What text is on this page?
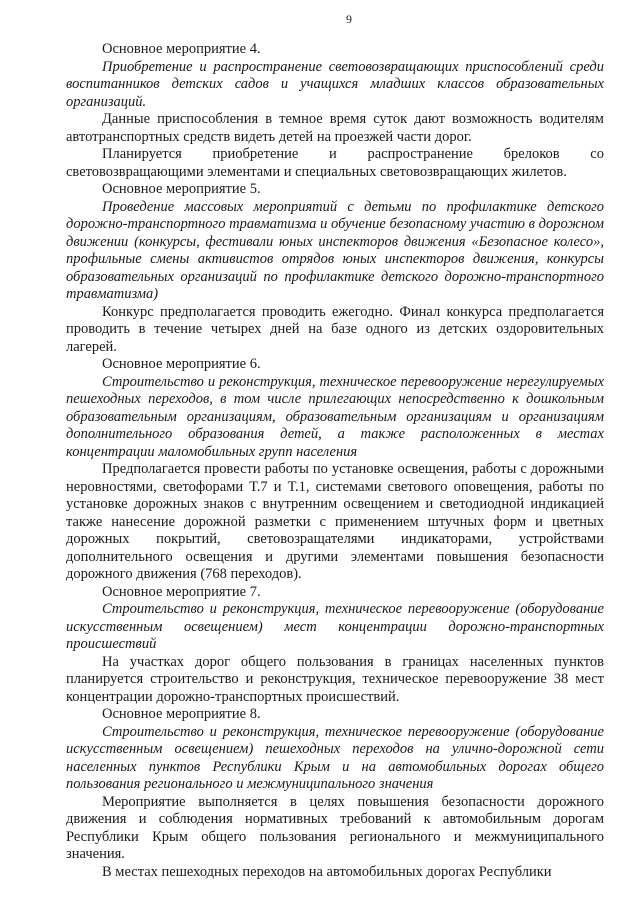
9

Основное мероприятие 4.

Приобретение и распространение световозвращающих приспособлений среди воспитанников детских садов и учащихся младших классов образовательных организаций.

Данные приспособления в темное время суток дают возможность водителям автотранспортных средств видеть детей на проезжей части дорог.

Планируется приобретение и распространение брелоков со световозвращающими элементами и специальных световозвращающих жилетов.

Основное мероприятие 5.

Проведение массовых мероприятий с детьми по профилактике детского дорожно-транспортного травматизма и обучение безопасному участию в дорожном движении (конкурсы, фестивали юных инспекторов движения «Безопасное колесо», профильные смены активистов отрядов юных инспекторов движения, конкурсы образовательных организаций по профилактике детского дорожно-транспортного травматизма)

Конкурс предполагается проводить ежегодно. Финал конкурса предполагается проводить в течение четырех дней на базе одного из детских оздоровительных лагерей.

Основное мероприятие 6.

Строительство и реконструкция, техническое перевооружение нерегулируемых пешеходных переходов, в том числе прилегающих непосредственно к дошкольным образовательным организациям, образовательным организациям и организациям дополнительного образования детей, а также расположенных в местах концентрации маломобильных групп населения

Предполагается провести работы по установке освещения, работы с дорожными неровностями, светофорами Т.7 и Т.1, системами светового оповещения, работы по установке дорожных знаков с внутренним освещением и светодиодной индикацией также нанесение дорожной разметки с применением штучных форм и цветных дорожных покрытий, световозращателями индикаторами, устройствами дополнительного освещения и другими элементами повышения безопасности дорожного движения (768 переходов).

Основное мероприятие 7.

Строительство и реконструкция, техническое перевооружение (оборудование искусственным освещением) мест концентрации дорожно-транспортных происшествий

На участках дорог общего пользования в границах населенных пунктов планируется строительство и реконструкция, техническое перевооружение 38 мест концентрации дорожно-транспортных происшествий.

Основное мероприятие 8.

Строительство и реконструкция, техническое перевооружение (оборудование искусственным освещением) пешеходных переходов на улично-дорожной сети населенных пунктов Республики Крым и на автомобильных дорогах общего пользования регионального и межмуниципального значения

Мероприятие выполняется в целях повышения безопасности дорожного движения и соблюдения нормативных требований к автомобильным дорогам Республики Крым общего пользования регионального и межмуниципального значения.

В местах пешеходных переходов на автомобильных дорогах Республики
